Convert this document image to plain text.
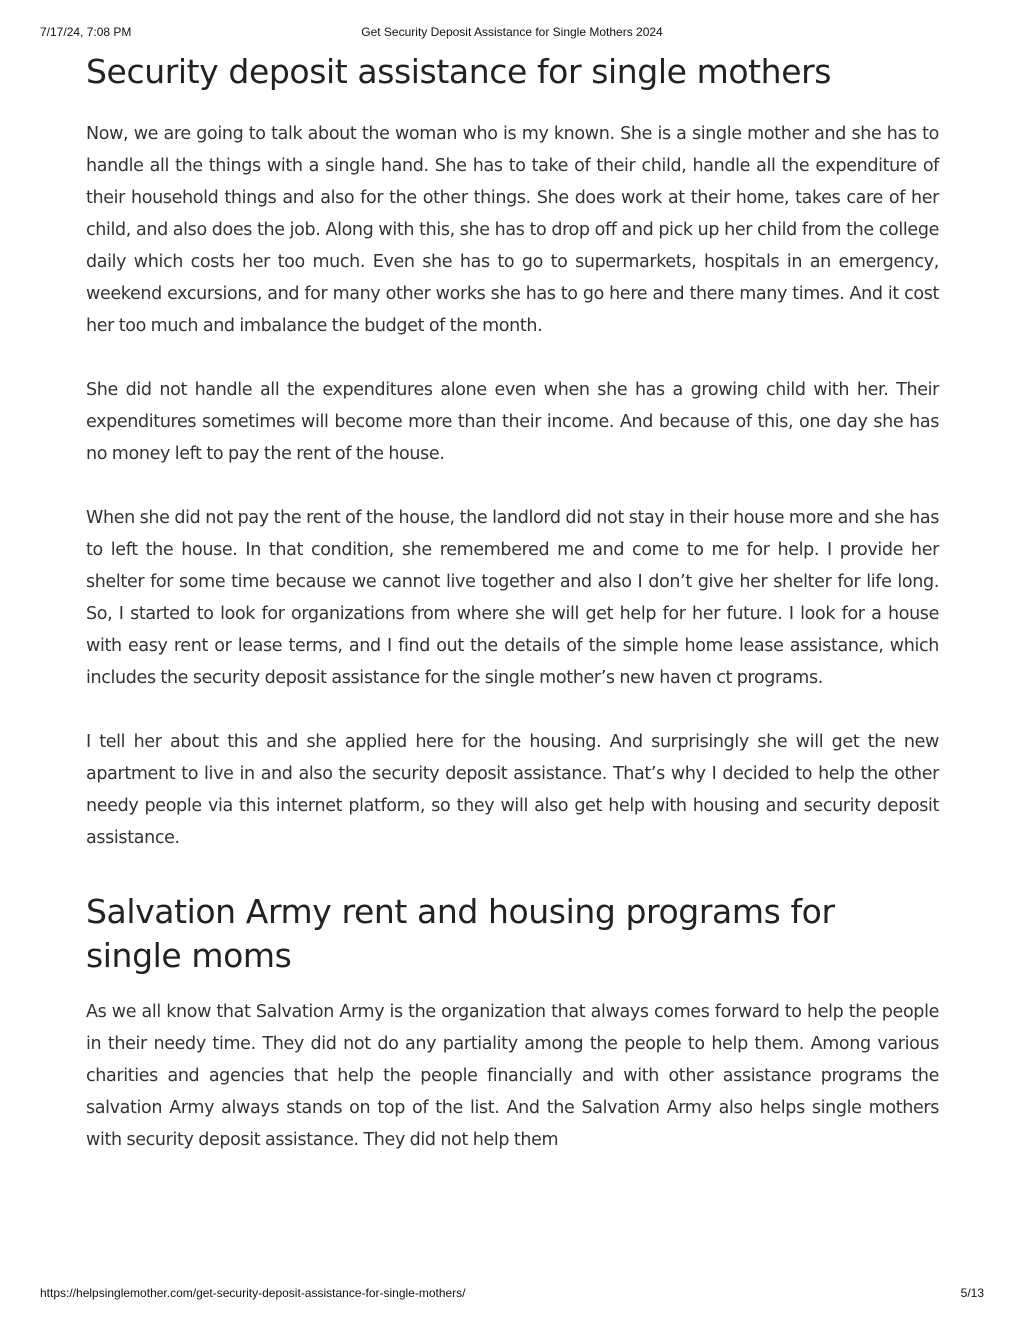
7/17/24, 7:08 PM	Get Security Deposit Assistance for Single Mothers 2024
Security deposit assistance for single mothers

Now, we are going to talk about the woman who is my known. She is a single mother and she has to handle all the things with a single hand. She has to take of their child, handle all the expenditure of their household things and also for the other things. She does work at their home, takes care of her child, and also does the job. Along with this, she has to drop off and pick up her child from the college daily which costs her too much. Even she has to go to supermarkets, hospitals in an emergency, weekend excursions, and for many other works she has to go here and there many times. And it cost her too much and imbalance the budget of the month.

She did not handle all the expenditures alone even when she has a growing child with her. Their expenditures sometimes will become more than their income. And because of this, one day she has no money left to pay the rent of the house.

When she did not pay the rent of the house, the landlord did not stay in their house more and she has to left the house. In that condition, she remembered me and come to me for help. I provide her shelter for some time because we cannot live together and also I don’t give her shelter for life long. So, I started to look for organizations from where she will get help for her future. I look for a house with easy rent or lease terms, and I find out the details of the simple home lease assistance, which includes the security deposit assistance for the single mother’s new haven ct programs.

I tell her about this and she applied here for the housing. And surprisingly she will get the new apartment to live in and also the security deposit assistance. That’s why I decided to help the other needy people via this internet platform, so they will also get help with housing and security deposit assistance.

Salvation Army rent and housing programs for single moms

As we all know that Salvation Army is the organization that always comes forward to help the people in their needy time. They did not do any partiality among the people to help them. Among various charities and agencies that help the people financially and with other assistance programs the salvation Army always stands on top of the list. And the Salvation Army also helps single mothers with security deposit assistance. They did not help them

https://helpsinglemother.com/get-security-deposit-assistance-for-single-mothers/	5/13
